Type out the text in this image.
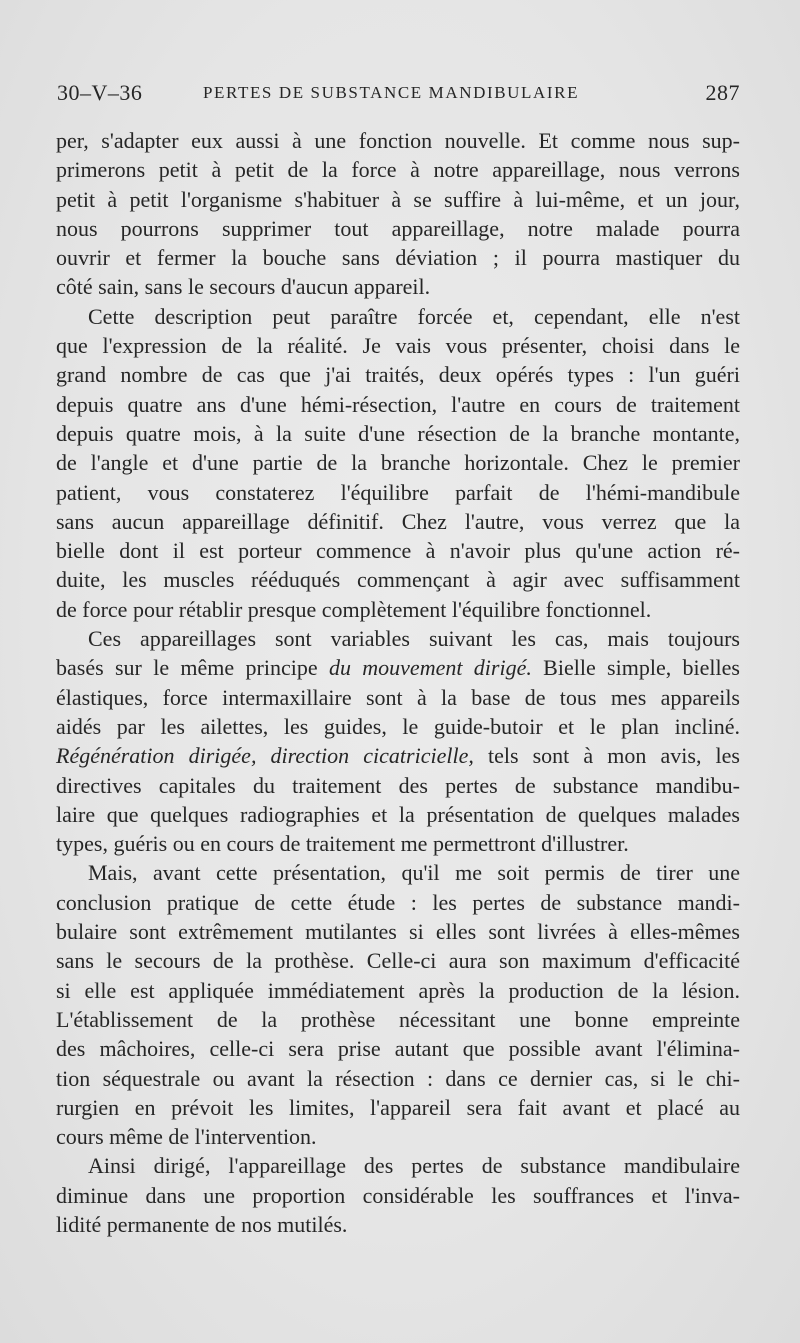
30–V–36	PERTES DE SUBSTANCE MANDIBULAIRE	287
per, s'adapter eux aussi à une fonction nouvelle. Et comme nous sup-
primerons petit à petit de la force à notre appareillage, nous verrons
petit à petit l'organisme s'habituer à se suffire à lui-même, et un jour,
nous pourrons supprimer tout appareillage, notre malade pourra
ouvrir et fermer la bouche sans déviation ; il pourra mastiquer du
côté sain, sans le secours d'aucun appareil.
Cette description peut paraître forcée et, cependant, elle n'est
que l'expression de la réalité. Je vais vous présenter, choisi dans le
grand nombre de cas que j'ai traités, deux opérés types : l'un guéri
depuis quatre ans d'une hémi-résection, l'autre en cours de traitement
depuis quatre mois, à la suite d'une résection de la branche montante,
de l'angle et d'une partie de la branche horizontale. Chez le premier
patient, vous constaterez l'équilibre parfait de l'hémi-mandibule
sans aucun appareillage définitif. Chez l'autre, vous verrez que la
bielle dont il est porteur commence à n'avoir plus qu'une action ré-
duite, les muscles rééduqués commençant à agir avec suffisamment
de force pour rétablir presque complètement l'équilibre fonctionnel.
Ces appareillages sont variables suivant les cas, mais toujours
basés sur le même principe du mouvement dirigé. Bielle simple, bielles
élastiques, force intermaxillaire sont à la base de tous mes appareils
aidés par les ailettes, les guides, le guide-butoir et le plan incliné.
Régénération dirigée, direction cicatricielle, tels sont à mon avis, les
directives capitales du traitement des pertes de substance mandibu-
laire que quelques radiographies et la présentation de quelques malades
types, guéris ou en cours de traitement me permettront d'illustrer.
Mais, avant cette présentation, qu'il me soit permis de tirer une
conclusion pratique de cette étude : les pertes de substance mandi-
bulaire sont extrêmement mutilantes si elles sont livrées à elles-mêmes
sans le secours de la prothèse. Celle-ci aura son maximum d'efficacité
si elle est appliquée immédiatement après la production de la lésion.
L'établissement de la prothèse nécessitant une bonne empreinte
des mâchoires, celle-ci sera prise autant que possible avant l'élimina-
tion séquestrale ou avant la résection : dans ce dernier cas, si le chi-
rurgien en prévoit les limites, l'appareil sera fait avant et placé au
cours même de l'intervention.
Ainsi dirigé, l'appareillage des pertes de substance mandibulaire
diminue dans une proportion considérable les souffrances et l'inva-
lidité permanente de nos mutilés.
